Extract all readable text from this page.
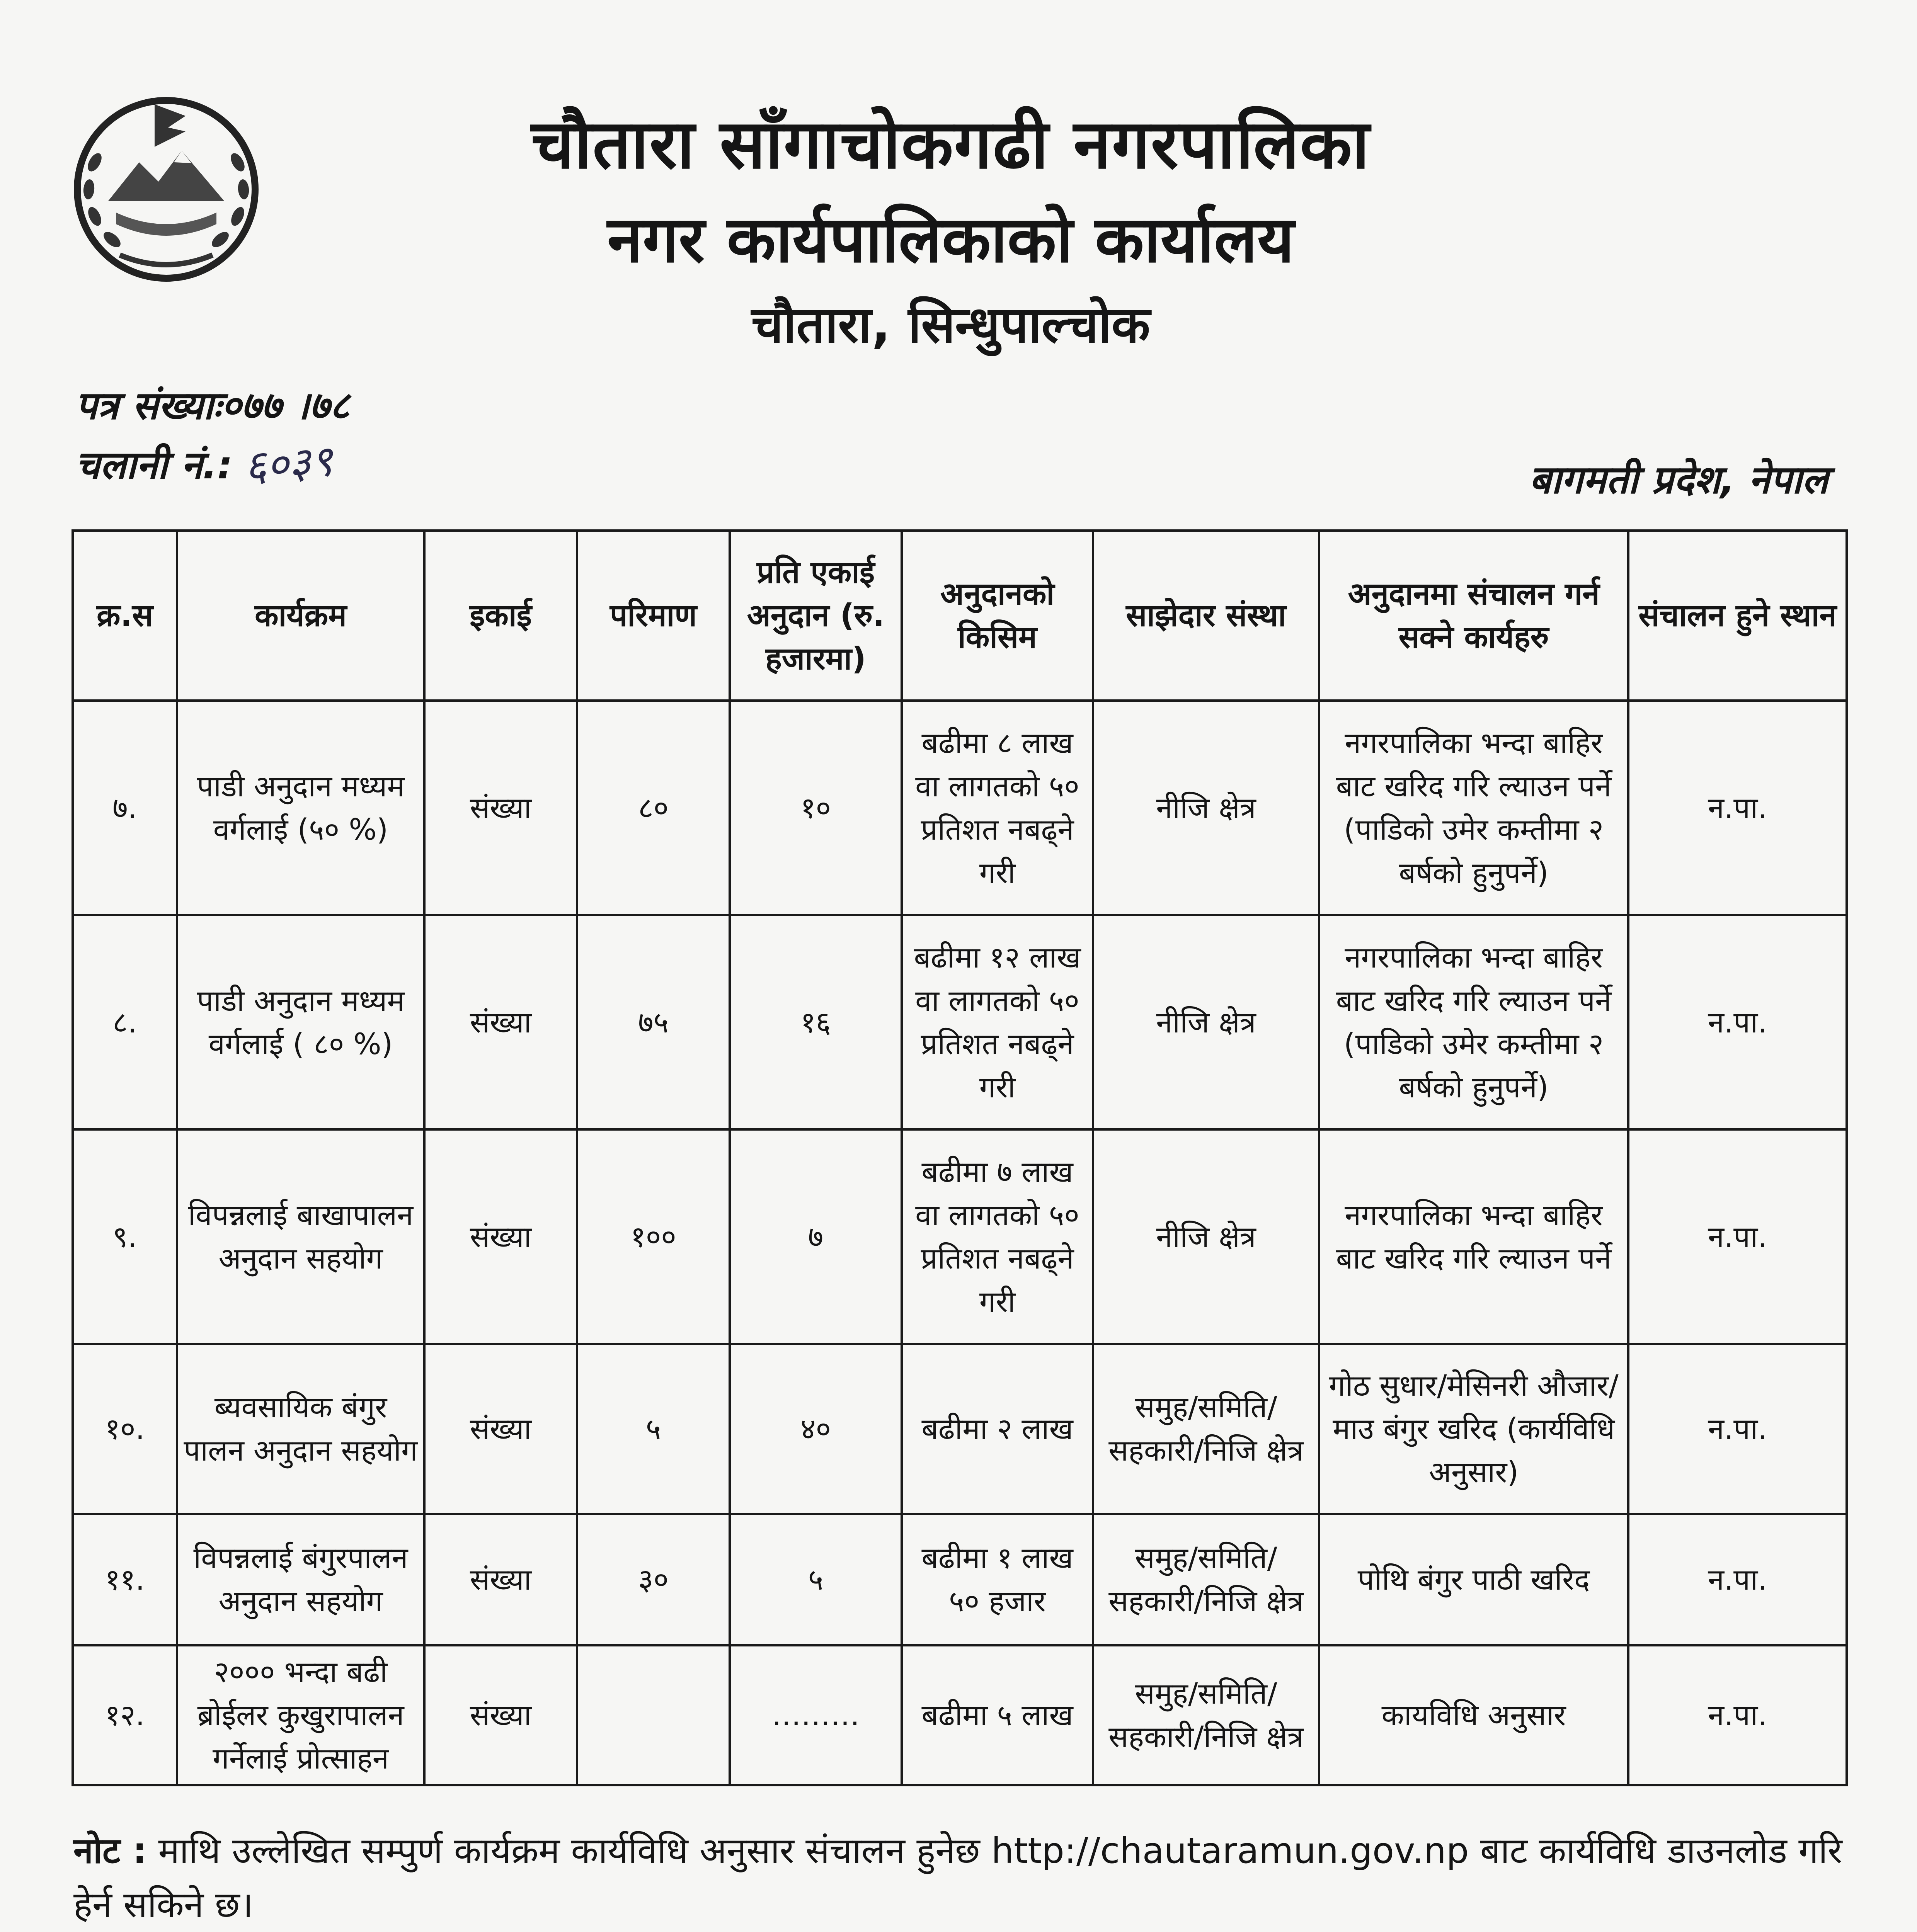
चौतारा साँगाचोकगढी नगरपालिका
नगर कार्यपालिकाको कार्यालय
चौतारा, सिन्धुपाल्चोक
पत्र संख्याः०७७ ।७८
चलानी नं.: ६०३९	बागमती प्रदेश, नेपाल
क्र.स	कार्यक्रम	इकाई	परिमाण	प्रति एकाई अनुदान (रु. हजारमा)	अनुदानको किसिम	साझेदार संस्था	अनुदानमा संचालन गर्न सक्ने कार्यहरु	संचालन हुने स्थान
७.	पाडी अनुदान मध्यम वर्गलाई (५० %)	संख्या	८०	१०	बढीमा ८ लाख वा लागतको ५० प्रतिशत नबढ्ने गरी	नीजि क्षेत्र	नगरपालिका भन्दा बाहिर बाट खरिद गरि ल्याउन पर्ने (पाडिको उमेर कम्तीमा २ बर्षको हुनुपर्ने)	न.पा.
८.	पाडी अनुदान मध्यम वर्गलाई ( ८० %)	संख्या	७५	१६	बढीमा १२ लाख वा लागतको ५० प्रतिशत नबढ्ने गरी	नीजि क्षेत्र	नगरपालिका भन्दा बाहिर बाट खरिद गरि ल्याउन पर्ने (पाडिको उमेर कम्तीमा २ बर्षको हुनुपर्ने)	न.पा.
९.	विपन्नलाई बाखापालन अनुदान सहयोग	संख्या	१००	७	बढीमा ७ लाख वा लागतको ५० प्रतिशत नबढ्ने गरी	नीजि क्षेत्र	नगरपालिका भन्दा बाहिर बाट खरिद गरि ल्याउन पर्ने	न.पा.
१०.	ब्यवसायिक बंगुर पालन अनुदान सहयोग	संख्या	५	४०	बढीमा २ लाख	समुह/समिति/ सहकारी/निजि क्षेत्र	गोठ सुधार/मेसिनरी औजार/माउ बंगुर खरिद (कार्यविधि अनुसार)	न.पा.
११.	विपन्नलाई बंगुरपालन अनुदान सहयोग	संख्या	३०	५	बढीमा १ लाख ५० हजार	समुह/समिति/ सहकारी/निजि क्षेत्र	पोथि बंगुर पाठी खरिद	न.पा.
१२.	२००० भन्दा बढी ब्रोईलर कुखुरापालन गर्नेलाई प्रोत्साहन	संख्या		………	बढीमा ५ लाख	समुह/समिति/ सहकारी/निजि क्षेत्र	कायविधि अनुसार	न.पा.
नोट : माथि उल्लेखित सम्पुर्ण कार्यक्रम कार्यविधि अनुसार संचालन हुनेछ http://chautaramun.gov.np बाट कार्यविधि डाउनलोड गरि हेर्न सकिने छ।
